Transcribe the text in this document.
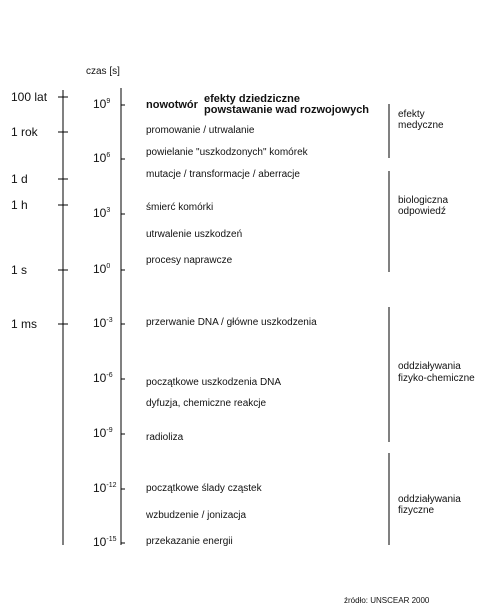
czas [s]
100 lat
1 rok
1 d
1 h
1 s
1 ms
$10^9$
$10^6$
$10^3$
$10^0$
$10^{-3}$
$10^{-6}$
$10^{-9}$
$10^{-12}$
$10^{-15}$
nowotwór efekty dziedziczne
powstawanie wad rozwojowych
promowanie / utrwalanie
powielanie "uszkodzonych" komórek
mutacje / transformacje / aberracje
śmierć komórki
utrwalenie uszkodzeń
procesy naprawcze
przerwanie DNA / główne uszkodzenia
początkowe uszkodzenia DNA
dyfuzja, chemiczne reakcje
radioliza
początkowe ślady cząstek
wzbudzenie / jonizacja
przekazanie energii
efekty
medyczne
biologiczna
odpowiedź
oddziaływania
fizyko-chemiczne
oddziaływania
fizyczne
źródło: UNSCEAR 2000
